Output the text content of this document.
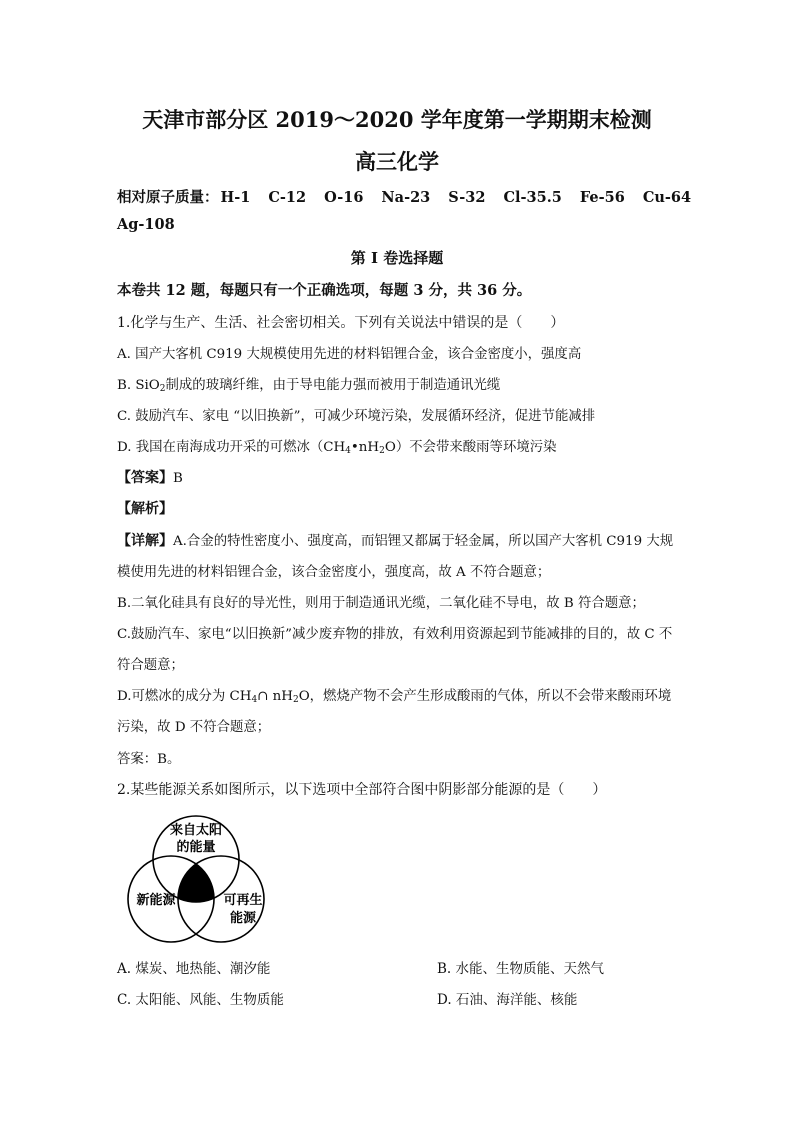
天津市部分区 2019～2020 学年度第一学期期末检测
高三化学
相对原子质量： H-1 C-12 O-16 Na-23 S-32 Cl-35.5 Fe-56 Cu-64
Ag-108
第 I 卷选择题
本卷共 12 题，每题只有一个正确选项，每题 3 分，共 36 分。
1.化学与生产、生活、社会密切相关。下列有关说法中错误的是（　　）
A. 国产大客机 C919 大规模使用先进的材料铝锂合金，该合金密度小，强度高
B. SiO$_2$制成的玻璃纤维，由于导电能力强而被用于制造通讯光缆
C. 鼓励汽车、家电 “以旧换新”，可减少环境污染，发展循环经济，促进节能减排
D. 我国在南海成功开采的可燃冰$(CH_4•nH_2O)$不会带来酸雨等环境污染
【答案】B
【解析】
【详解】A.合金的特性密度小、强度高，而铝锂又都属于轻金属，所以国产大客机 C919 大规
模使用先进的材料铝锂合金，该合金密度小，强度高，故 A 不符合题意；
B.二氧化硅具有良好的导光性，则用于制造通讯光缆，二氧化硅不导电，故 B 符合题意；
C.鼓励汽车、家电“以旧换新”减少废弃物的排放，有效利用资源起到节能减排的目的，故 C 不
符合题意；
D.可燃冰的成分为 $CH_4\cap$ $nH_2O$，燃烧产物不会产生形成酸雨的气体，所以不会带来酸雨环境
污染，故 D 不符合题意；
答案：B。
2.某些能源关系如图所示，以下选项中全部符合图中阴影部分能源的是（　　）
来自太阳
的能量
新能源	可再生
能源
A. 煤炭、地热能、潮汐能	B. 水能、生物质能、天然气
C. 太阳能、风能、生物质能	D. 石油、海洋能、核能
